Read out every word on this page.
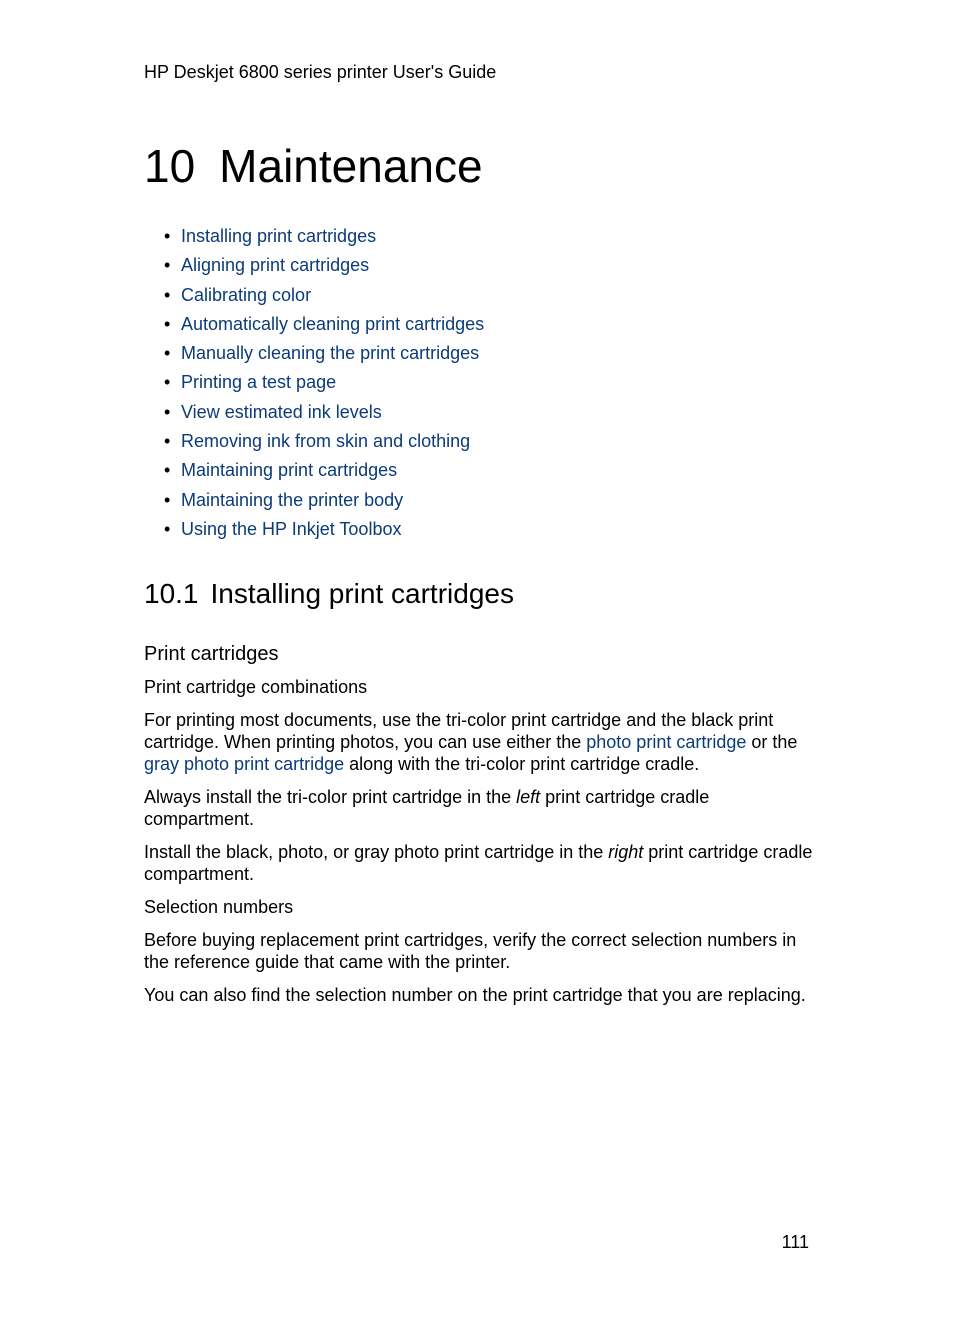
HP Deskjet 6800 series printer User's Guide
10 Maintenance
• Installing print cartridges
• Aligning print cartridges
• Calibrating color
• Automatically cleaning print cartridges
• Manually cleaning the print cartridges
• Printing a test page
• View estimated ink levels
• Removing ink from skin and clothing
• Maintaining print cartridges
• Maintaining the printer body
• Using the HP Inkjet Toolbox
10.1 Installing print cartridges
Print cartridges
Print cartridge combinations

For printing most documents, use the tri-color print cartridge and the black print cartridge. When printing photos, you can use either the photo print cartridge or the gray photo print cartridge along with the tri-color print cartridge cradle.

Always install the tri-color print cartridge in the left print cartridge cradle compartment.

Install the black, photo, or gray photo print cartridge in the right print cartridge cradle compartment.

Selection numbers

Before buying replacement print cartridges, verify the correct selection numbers in the reference guide that came with the printer.

You can also find the selection number on the print cartridge that you are replacing.

111
